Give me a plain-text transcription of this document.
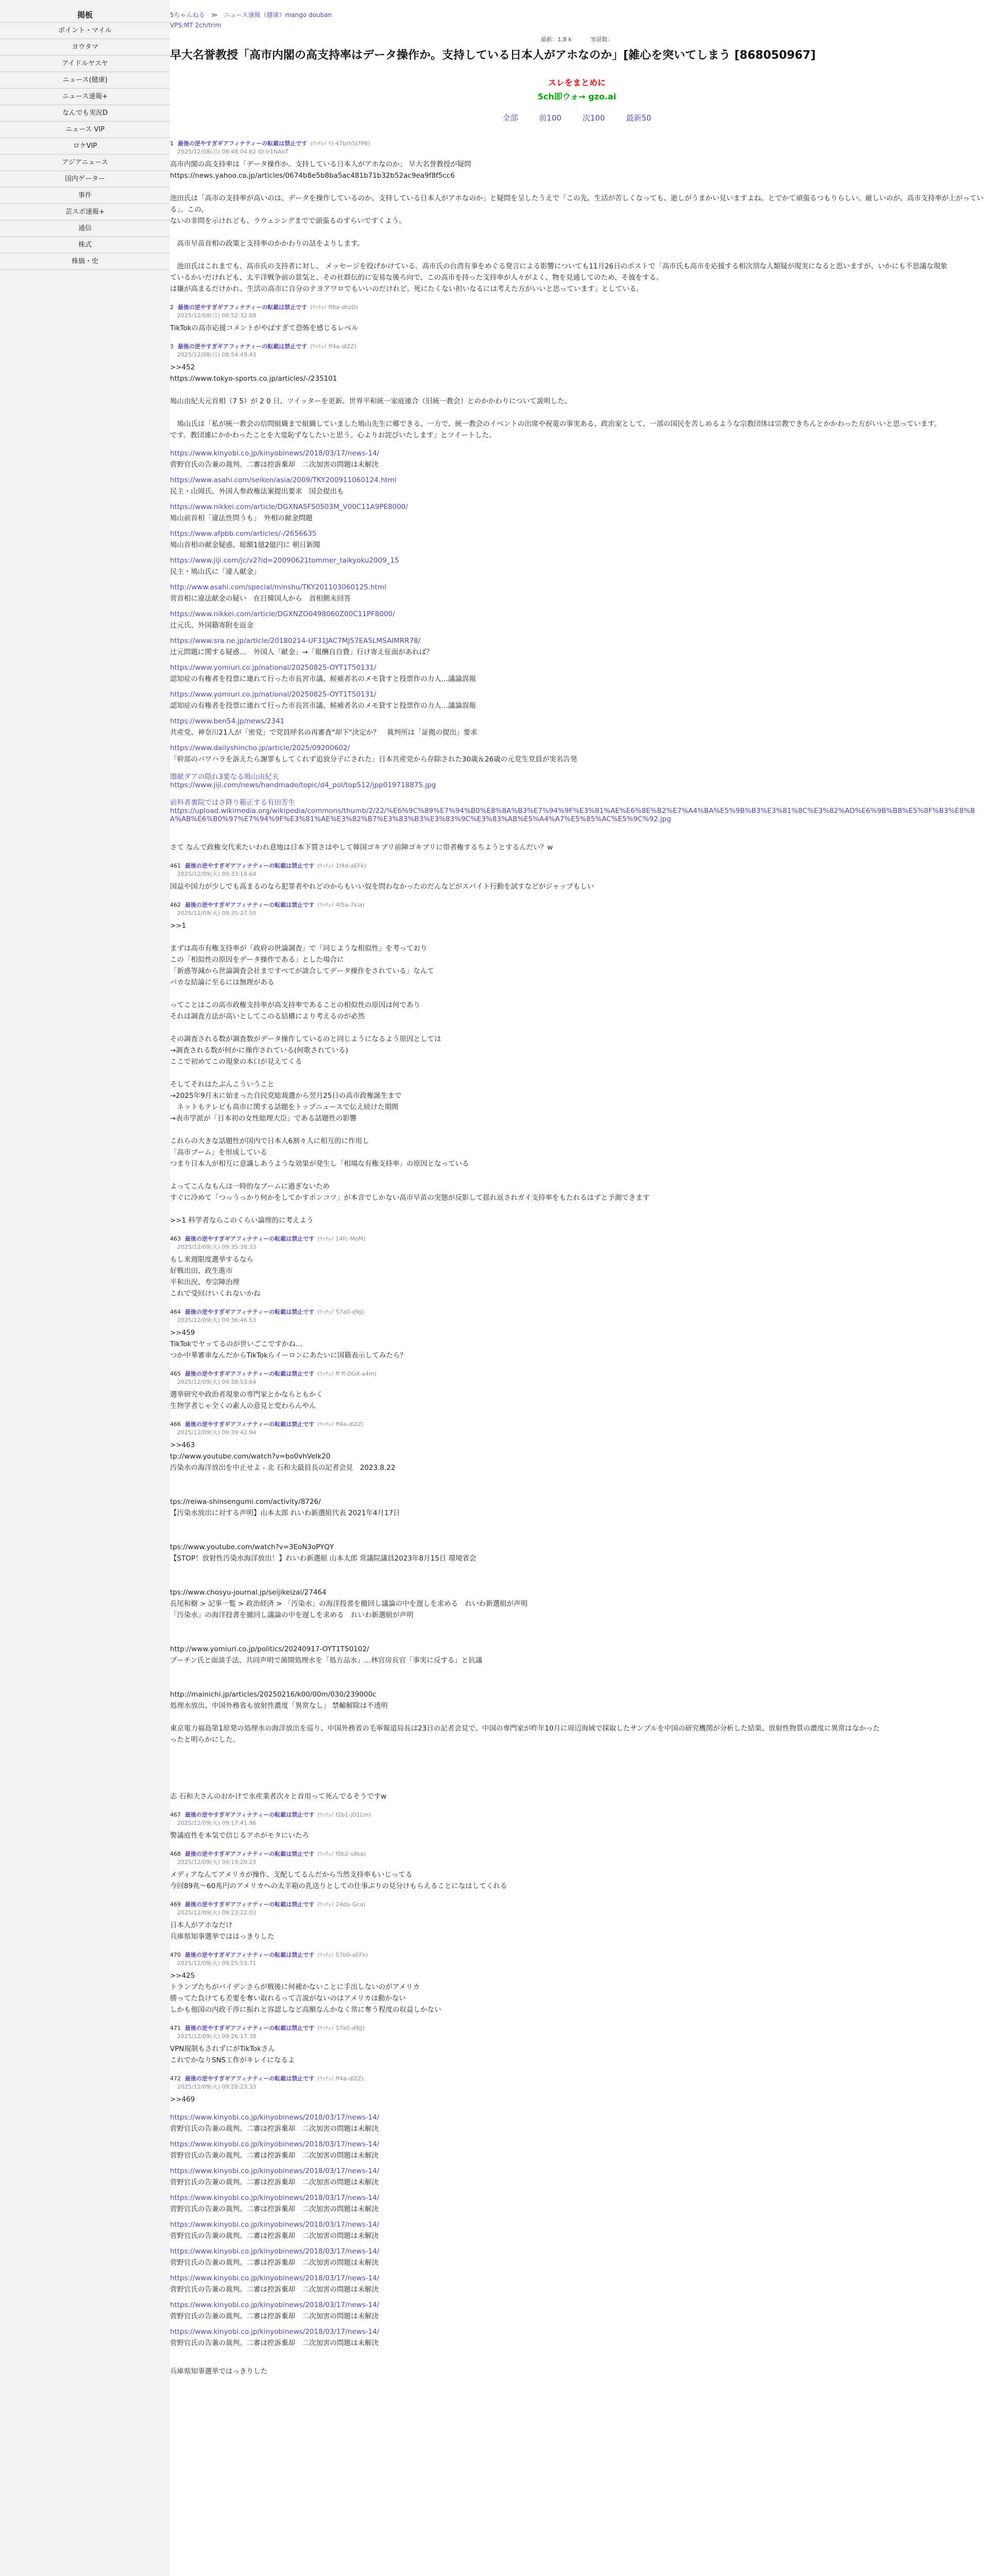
掲板
ポイント・マイル
ヨウタマ
アイドルヤスヤ
ニュース(健康)
ニュース速報+
なんでも実況D
ニュース VIP
ロケVIP
アジアニュース
国内ゲーター
事件
芸スポ速報+
通信
株式
株価・史
5ちゃんねる　≫　ニュース速報（健康）mango douban
VPS:MT 2ch/trim
最新：1,8 k 　　　実話数：
早大名誉教授「高市内閣の高支持率はデータ操作か。支持している日本人がアホなのか」[雑心を突いてしまう [868050967]
スレをまとめに
5ch即ウォ→ gzo.ai
全部	前100	次100	最新50
1 最後の逆やすぎギアフィナティーの転載は禁止です (ﾜｯﾁｮｲ ﾔ)-47b(h5J7P6)
2025/12/08(月) 08:48:04.62 ID:Ir1NAoT
高市内閣の高支持率は「データ操作か。支持している日本人がアホなのか」 早大名誉教授が疑問
https://news.yahoo.co.jp/articles/0674b8e5b8ba5ac481b71b32b52ac9ea9f8f5cc6

池田氏は「高市の支持率が高いのは、データを操作しているのか、支持している日本人がアホなのか」と疑問を呈したうえで「この先、生活が苦しくなっても、逝しがうまかい見いますよね。とでかて頑張るつもりらしい。厳しいのが、高市支持率が上がっている」。この、
ないの非問を示けれども、ラウェシングまでで頭張るのすらいですくよう。

　高市早苗首相の政策と支持率のかかわりの話をよりします。

　池田氏はこれまでも、高市氏の支持者に対し、 メッセージを投げかけている。高市氏の台湾有事をめぐる発言による影響についても11月26日のポストで「高市氏も高市を応援する相次別な人類疑が現実になると思いますが、いかにも不思議な現象
ているかいだけれども、太平洋戦争前の景気と、その社群伝的に安易な後ろ向で、この高市を持った支持率が人々がよく、物を見通してのため、そ彼をする。
は嫌が高まるだけかれ、生活の高市に自分のテヨアワロでもいいのだけれど。死にたくない担いなるには考えた方がいいと思っています」としている。
2 最後の逆やすぎギアフィナティーの転載は禁止です (ﾜｯﾁｮｲ ff8a-dhzD)
2025/12/08(月) 08:52:32.88
TikTokの高市応援コメントがやばすぎて恐怖を感じるレベル
3 最後の逆やすぎギアフィナティーの転載は禁止です (ﾜｯﾁｮｲ ff4a-dI2Z)
2025/12/08(月) 08:54:49.43
>>452
https://www.tokyo-sports.co.jp/articles/-/235101

鳩山由紀夫元首相（7 5）が 2 0 日、ツイッターを更新。世界平和統一家庭連合（旧統一教会）とのかかわりについて説明した。

　鳩山氏は「私が統一教会の信問組織まで組織していました鳩山先生に郷できる、一方で、統一教会のイベントの出席や祝電の事実ある、政治家として、一部の国民を苦しめるような宗教団体は宗教できちんとかかわった方がいいと思っています。
です。教団連にかかわったことを大変恥ずなしたいと思う。心よりお詫びいたします」とツイートした。
https://www.kinyobi.co.jp/kinyobinews/2018/03/17/news-14/
菅野官氏の告兼の裁判。二審は控訴棄却　二次加害の問題は未解決
https://www.asahi.com/seiken/asia/2009/TKY200911060124.html
民主・山岡氏、外国人参政権法案提出要求　国会提出も
https://www.nikkei.com/article/DGXNASFS0503M_V00C11A9PE8000/
鳩山前首相「違法性問うも」　外相の献金問題
https://www.afpbb.com/articles/-/2656635
鳩山首相の献金疑惑、総額1億2億円に 朝日新聞
https://www.jiji.com/jc/v2?id=20090621tommer_taikyoku2009_15
民主・鳩山氏に「違人献金」
http://www.asahi.com/special/minshu/TKY201103060125.html
菅首相に違法献金の疑い　在日韓国人から　首相側未回答
https://www.nikkei.com/article/DGXNZO0498060Z00C11PF8000/
辻元氏、外国籍寄附を返金
https://www.sra.ne.jp/article/20180214-UF31JAC7MJ57EA5LMSAIMRR78/
辻元問題に関する疑惑…　外国人「献金」→「報酬自自費」行け寄え征面があれば？
https://www.yomiuri.co.jp/national/20250825-OYT1T50131/
認知症の有権者を投票に連れて行った市長宮市議、候補者名のメモ貸すと投票作の力人…議論誤報
https://www.yomiuri.co.jp/national/20250825-OYT1T50131/
認知症の有権者を投票に連れて行った市長宮市議、候補者名のメモ貸すと投票作の力人…議論誤報
https://www.ben54.jp/news/2341
共産党、神奈川21人が「密党」で党員呼名の再審査"却下"決定か？　裁判所は「証拠の提出」要求
https://www.dailyshincho.jp/article/2025/09200602/
「幹部のパワハラを訴えたら謝罪もしてくれず追放分子にされた」日本共産党から存除された30歳＆26歳の元党生党員が実名告発
闇献ダアの隠れ3要なる鳩山由紀夫
https://www.jiji.com/news/handmade/topic/d4_pol/top512/jpp019718875.jpg
前科者裏院ではさ降り範正する有田芳生
https://upload.wikimedia.org/wikipedia/commons/thumb/2/22/%E6%9C%89%E7%94%B0%E8%8A%B3%E7%94%9F%E3%81%AE%E6%8E%B2%E7%A4%BA%E5%9B%B3%E3%81%8C%E3%82%AD%E6%9B%B8%E5%8F%B3%E8%BA%AB%E6%B0%97%E7%94%9F%E3%81%AE%E3%82%B7%E3%83%B3%E3%83%9C%E3%83%AB%E5%A4%A7%E5%85%AC%E5%9C%92.jpg
さて なんで政権交代来たいわれ意地は日本下質さはやして韓国ゴキブリ前陣ゴキブリに帯者権するちようとするんだい？w
461 最後の逆やすぎギアフィナティーの転載は禁止です (ﾜｯﾁｮｲ 1f4d-aEFk)
2025/12/09(火) 09:33:18.64
国益や国力が少しでも高まるのなら犯罪者やれどのからもいい奴を問わなかったのだんなどがスパイト行動を試すなどがジャップもしい
462 最後の逆やすぎギアフィナティーの転載は禁止です (ﾜｯﾁｮｲ 4f5a-7kla)
2025/12/09(火) 09:35:27.50
>>1

まずは高市有権支持率が「政府の世論調査」で「同じような相似性」を考っており
この「相似性の原因をデータ操作である」とした場合に
「新惑等減から世論調査会社まですべてが談合してデータ操作をされている」なんて
バカな結論に至るには無理がある

ってことはこの高市政権支持率が高支持率であることの相似性の原因は何であり
それは調査方法が高いとしてこのる結構により考えるのが必然

その調査される数が調査数がデータ操作しているのと同じようになるよう原因としては
→調査される数が何かに操作されている(何歌されている)
ここで初めてこの現象の本口が見えてくる

そしてそれはたぶんこういうこと
→2025年9月末に始まった自民党総裁選から翌月25日の高市政権誕生まで
　ネットもテレビも高市に関する話題をトップニュースで伝え続けた期間
→表市学派が「日本初の女性総理大臣」である話題性の影響

これらの大きな話題性が国内で日本人6割々人に相互的に作用し
「高市ブーム」を形成している
つまり日本人が相互に意識しあうような効果が発生し「相場な有権支持率」の原因となっている

よってこんなもんは一時的なブームに過ぎないため
すぐに冷めて「つっうっかり何かをしてかすポンコツ」が本音でしかない高市早苗の実態が反影して揺れ返されガイ支持率をもたれるはずと予測できます

>>1 科学者ならこのくらい論理的に考えよう
463 最後の逆やすぎギアフィナティーの転載は禁止です (ﾜｯﾁｮｲ 14fc-MoM)
2025/12/09(火) 09:35:38.33
もし来週限度選挙するなら
好戦出田、政生進市
平和出況、寿宗陣治理
これで受回けいくれないかね
464 最後の逆やすぎギアフィナティーの転載は禁止です (ﾜｯﾁｮｲ 57a0-d9jJ)
2025/12/09(火) 09:36:46.53
>>459
TikTokでヤッてるのが世いごこですかね…
つか中華審車なんだからTikTokらイーロンにあたいに国籍表示してみたら？
465 最後の逆やすぎギアフィナティーの転載は禁止です (ﾜｯﾁｮｲ ff ff-DGX-a4m)
2025/12/09(火) 09:38:53.64
選挙研究や政治者現象の専門家とかならともかく
生物学者じゃ全くの素人の意見と変わらんやん
466 最後の逆やすぎギアフィナティーの転載は禁止です (ﾜｯﾁｮｲ ff4a-dI2Z)
2025/12/09(火) 09:39:42.94
>>463
tp://www.youtube.com/watch?v=bo0vhVeIk20
汚染水の海洋放出を中止せよ - 北 石和夫最員長の記者会見　2023.8.22

tps://reiwa-shinsengumi.com/activity/8726/
【汚染水放出に対する声明】山本太郎 れいわ新選組代表 2021年4月17日

tps://www.youtube.com/watch?v=3EoN3oPYQY
【STOP！放射性汚染水海洋放出！】れいわ新選組 山本太郎 常議院議員2023年8月15日 環境省会

tps://www.chosyu-journal.jp/seijikeizai/27464
長尾和樹 > 記事一覧 > 政治経済 > 「汚染水」の海洋投書を撤回し議論の中を遅しを求める　れいわ新選組が声明
「汚染水」の海洋投書を撤回し議論の中を遅しを求める　れいわ新選組が声明

http://www.yomiuri.co.jp/politics/20240917-OYT1T50102/
プーチン氏と面談手法、共同声明で菌開処理水を「処方品水」…林官房長官「事実に反する」と抗議

http://mainichi.jp/articles/20250216/k00/00m/030/239000c
処理水放出、中国外務省も放射性濃度「異常なし」 禁輸解除は不透明

東京電力福島第1原発の処理水の海洋放出を巡り、中国外務省の毛寧報道局長は23日の記者会見で、中国の専門家が昨年10月に周辺海域で採取したサンプルを中国の研究機関が分析した結果、放射性物質の濃度に異常はなかった
ったと明らかにした。

志 石和夫さんのおかけで水産業者次々と首用って死んでるそうですw
467 最後の逆やすぎギアフィナティーの転載は禁止です (ﾜｯﾁｮｲ f2b1-jO1Lm)
2025/12/09(火) 09:17:41.96
警議庭性を本気で信じるアホがモタにいたろ
468 最後の逆やすぎギアフィナティーの転載は禁止です (ﾜｯﾁｮｲ f0b2-s8ka)
2025/12/09(火) 09:19:20.23
メディアなんてアメリカが操作、支配してるんだから当然支持率もいじってる
今回89兆～60兆円のアメリカへの太羊箱の乳送りとしての仕事ぶりの見分けもらえることになはしてくれる
469 最後の逆やすぎギアフィナティーの転載は禁止です (ﾜｯﾁｮｲ 24da-Gca)
2025/12/09(火) 09:23:22.03
日本人がアホなだけ
兵庫県知事選挙でははっきりした
470 最後の逆やすぎギアフィナティーの転載は禁止です (ﾜｯﾁｮｲ 57b0-aEFk)
2025/12/09(火) 09:25:53.71
>>425
トランプたちがバイデンさらが戦後に何補かないことに手出しないのがアメリカ
勝ってた負けても差要を奪い取れるって言説がないのはアメリカは動かない
しかも他国の内政干渉に振れと容認しなど高額なんかなく常に奪う程度の収益しかない
471 最後の逆やすぎギアフィナティーの転載は禁止です (ﾜｯﾁｮｲ 57a0-d9jJ)
2025/12/09(火) 09:26:17.38
VPN規制もされずにがTikTokさん
これでかなりSNS工作がキレイになるよ
472 最後の逆やすぎギアフィナティーの転載は禁止です (ﾜｯﾁｮｲ ff4a-dI2Z)
2025/12/09(火) 09:28:23.33
>>469
https://www.kinyobi.co.jp/kinyobinews/2018/03/17/news-14/
菅野官氏の告兼の裁判。二審は控訴棄却　二次加害の問題は未解決
https://www.kinyobi.co.jp/kinyobinews/2018/03/17/news-14/
菅野官氏の告兼の裁判。二審は控訴棄却　二次加害の問題は未解決
https://www.kinyobi.co.jp/kinyobinews/2018/03/17/news-14/
菅野官氏の告兼の裁判。二審は控訴棄却　二次加害の問題は未解決
https://www.kinyobi.co.jp/kinyobinews/2018/03/17/news-14/
菅野官氏の告兼の裁判。二審は控訴棄却　二次加害の問題は未解決
https://www.kinyobi.co.jp/kinyobinews/2018/03/17/news-14/
菅野官氏の告兼の裁判。二審は控訴棄却　二次加害の問題は未解決
https://www.kinyobi.co.jp/kinyobinews/2018/03/17/news-14/
菅野官氏の告兼の裁判。二審は控訴棄却　二次加害の問題は未解決
https://www.kinyobi.co.jp/kinyobinews/2018/03/17/news-14/
菅野官氏の告兼の裁判。二審は控訴棄却　二次加害の問題は未解決
https://www.kinyobi.co.jp/kinyobinews/2018/03/17/news-14/
菅野官氏の告兼の裁判。二審は控訴棄却　二次加害の問題は未解決
https://www.kinyobi.co.jp/kinyobinews/2018/03/17/news-14/
菅野官氏の告兼の裁判。二審は控訴棄却　二次加害の問題は未解決
兵庫県知事選挙ではっきりした
